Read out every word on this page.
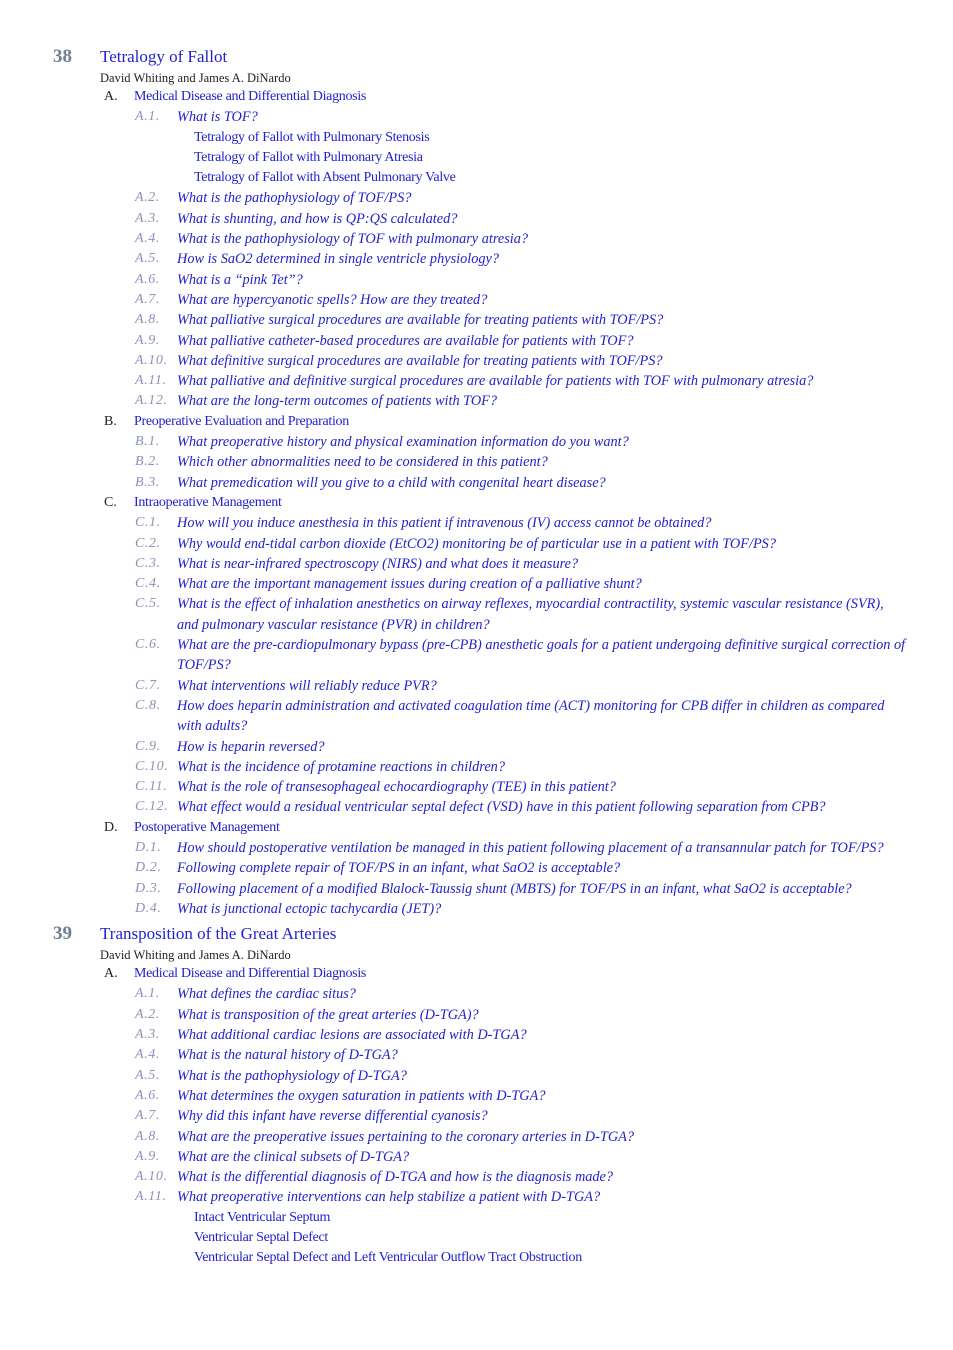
38 Tetralogy of Fallot
David Whiting and James A. DiNardo
A. Medical Disease and Differential Diagnosis
A.1. What is TOF?
Tetralogy of Fallot with Pulmonary Stenosis
Tetralogy of Fallot with Pulmonary Atresia
Tetralogy of Fallot with Absent Pulmonary Valve
A.2. What is the pathophysiology of TOF/PS?
A.3. What is shunting, and how is QP:QS calculated?
A.4. What is the pathophysiology of TOF with pulmonary atresia?
A.5. How is SaO2 determined in single ventricle physiology?
A.6. What is a “pink Tet”?
A.7. What are hypercyanotic spells? How are they treated?
A.8. What palliative surgical procedures are available for treating patients with TOF/PS?
A.9. What palliative catheter-based procedures are available for patients with TOF?
A.10. What definitive surgical procedures are available for treating patients with TOF/PS?
A.11. What palliative and definitive surgical procedures are available for patients with TOF with pulmonary atresia?
A.12. What are the long-term outcomes of patients with TOF?
B. Preoperative Evaluation and Preparation
B.1. What preoperative history and physical examination information do you want?
B.2. Which other abnormalities need to be considered in this patient?
B.3. What premedication will you give to a child with congenital heart disease?
C. Intraoperative Management
C.1. How will you induce anesthesia in this patient if intravenous (IV) access cannot be obtained?
C.2. Why would end-tidal carbon dioxide (EtCO2) monitoring be of particular use in a patient with TOF/PS?
C.3. What is near-infrared spectroscopy (NIRS) and what does it measure?
C.4. What are the important management issues during creation of a palliative shunt?
C.5. What is the effect of inhalation anesthetics on airway reflexes, myocardial contractility, systemic vascular resistance (SVR), and pulmonary vascular resistance (PVR) in children?
C.6. What are the pre-cardiopulmonary bypass (pre-CPB) anesthetic goals for a patient undergoing definitive surgical correction of TOF/PS?
C.7. What interventions will reliably reduce PVR?
C.8. How does heparin administration and activated coagulation time (ACT) monitoring for CPB differ in children as compared with adults?
C.9. How is heparin reversed?
C.10. What is the incidence of protamine reactions in children?
C.11. What is the role of transesophageal echocardiography (TEE) in this patient?
C.12. What effect would a residual ventricular septal defect (VSD) have in this patient following separation from CPB?
D. Postoperative Management
D.1. How should postoperative ventilation be managed in this patient following placement of a transannular patch for TOF/PS?
D.2. Following complete repair of TOF/PS in an infant, what SaO2 is acceptable?
D.3. Following placement of a modified Blalock-Taussig shunt (MBTS) for TOF/PS in an infant, what SaO2 is acceptable?
D.4. What is junctional ectopic tachycardia (JET)?
39 Transposition of the Great Arteries
David Whiting and James A. DiNardo
A. Medical Disease and Differential Diagnosis
A.1. What defines the cardiac situs?
A.2. What is transposition of the great arteries (D-TGA)?
A.3. What additional cardiac lesions are associated with D-TGA?
A.4. What is the natural history of D-TGA?
A.5. What is the pathophysiology of D-TGA?
A.6. What determines the oxygen saturation in patients with D-TGA?
A.7. Why did this infant have reverse differential cyanosis?
A.8. What are the preoperative issues pertaining to the coronary arteries in D-TGA?
A.9. What are the clinical subsets of D-TGA?
A.10. What is the differential diagnosis of D-TGA and how is the diagnosis made?
A.11. What preoperative interventions can help stabilize a patient with D-TGA?
Intact Ventricular Septum
Ventricular Septal Defect
Ventricular Septal Defect and Left Ventricular Outflow Tract Obstruction
